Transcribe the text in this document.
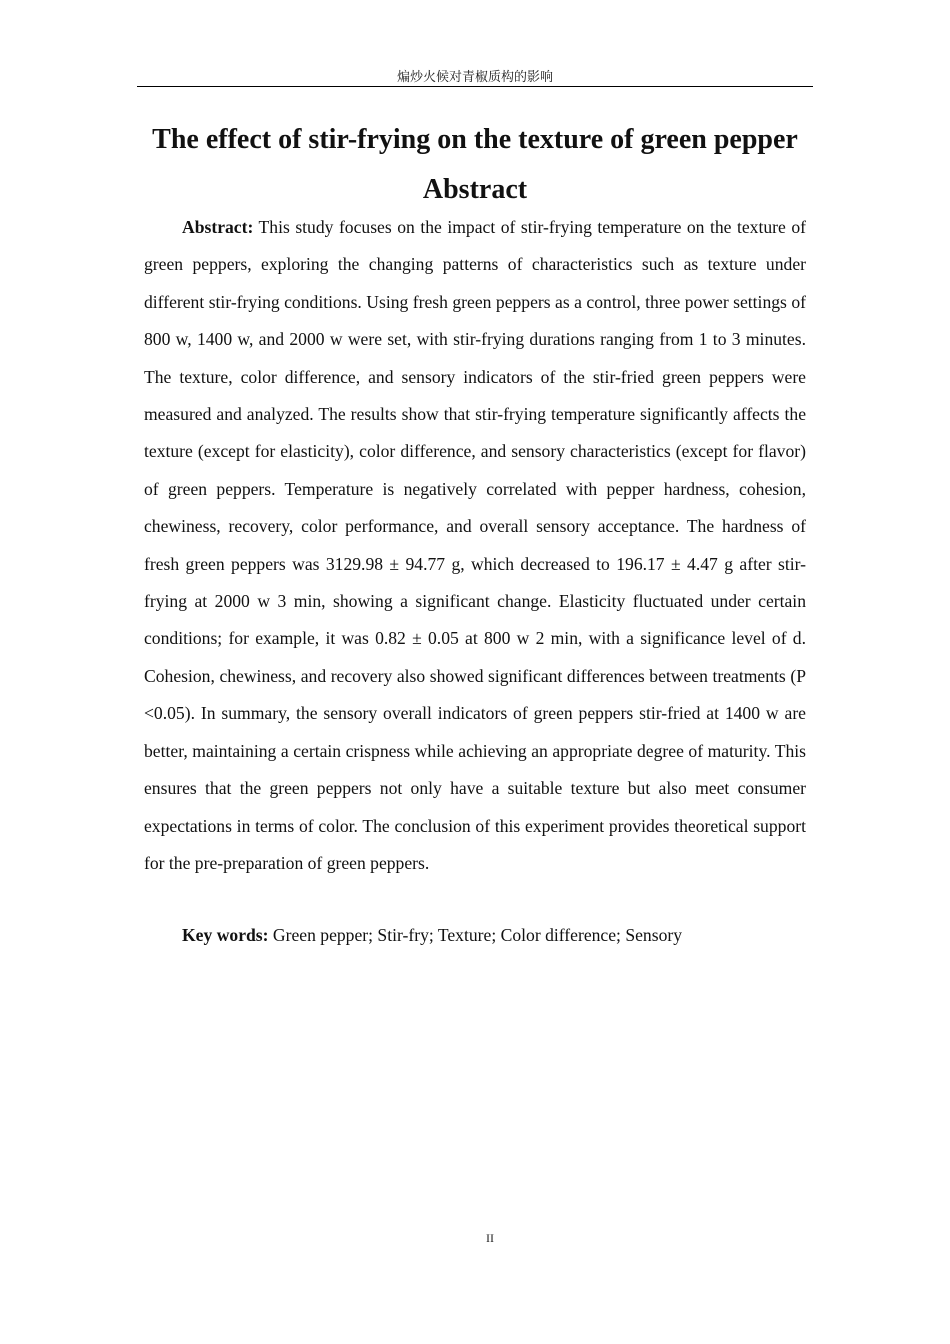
煸炒火候对青椒质构的影响
The effect of stir-frying on the texture of green pepper
Abstract

Abstract: This study focuses on the impact of stir-frying temperature on the texture of green peppers, exploring the changing patterns of characteristics such as texture under different stir-frying conditions. Using fresh green peppers as a control, three power settings of 800 w, 1400 w, and 2000 w were set, with stir-frying durations ranging from 1 to 3 minutes. The texture, color difference, and sensory indicators of the stir-fried green peppers were measured and analyzed. The results show that stir-frying temperature significantly affects the texture (except for elasticity), color difference, and sensory characteristics (except for flavor) of green peppers. Temperature is negatively correlated with pepper hardness, cohesion, chewiness, recovery, color performance, and overall sensory acceptance. The hardness of fresh green peppers was 3129.98 ± 94.77 g, which decreased to 196.17 ± 4.47 g after stir-frying at 2000 w 3 min, showing a significant change. Elasticity fluctuated under certain conditions; for example, it was 0.82 ± 0.05 at 800 w 2 min, with a significance level of d. Cohesion, chewiness, and recovery also showed significant differences between treatments (P <0.05). In summary, the sensory overall indicators of green peppers stir-fried at 1400 w are better, maintaining a certain crispness while achieving an appropriate degree of maturity. This ensures that the green peppers not only have a suitable texture but also meet consumer expectations in terms of color. The conclusion of this experiment provides theoretical support for the pre-preparation of green peppers.

Key words: Green pepper; Stir-fry; Texture; Color difference; Sensory

II
